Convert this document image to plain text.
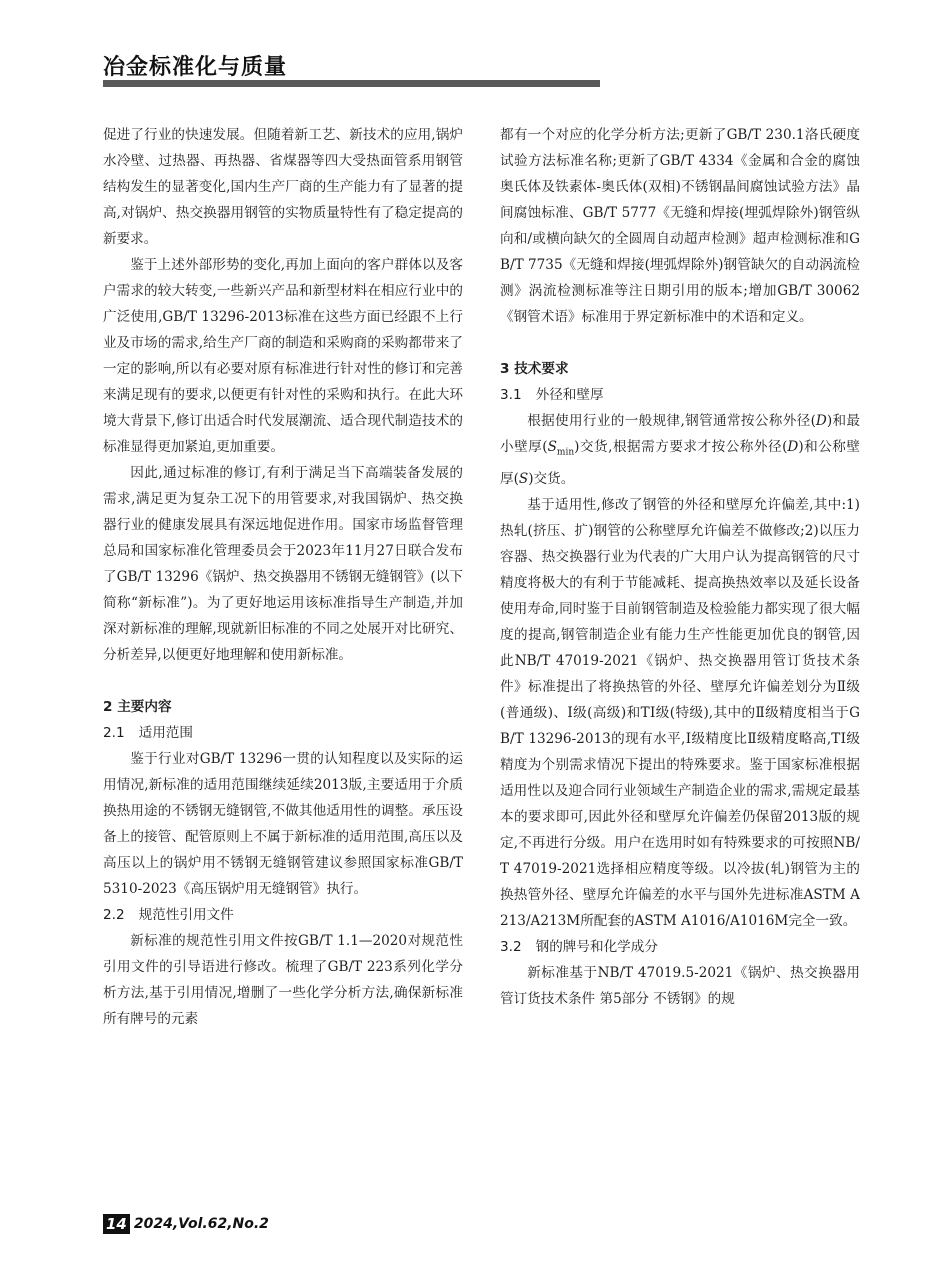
冶金标准化与质量

促进了行业的快速发展。但随着新工艺、新技术的应用,锅炉水冷壁、过热器、再热器、省煤器等四大受热面管系用钢管结构发生的显著变化,国内生产厂商的生产能力有了显著的提高,对锅炉、热交换器用钢管的实物质量特性有了稳定提高的新要求。

鉴于上述外部形势的变化,再加上面向的客户群体以及客户需求的较大转变,一些新兴产品和新型材料在相应行业中的广泛使用,GB/T 13296-2013标准在这些方面已经跟不上行业及市场的需求,给生产厂商的制造和采购商的采购都带来了一定的影响,所以有必要对原有标准进行针对性的修订和完善来满足现有的要求,以便更有针对性的采购和执行。在此大环境大背景下,修订出适合时代发展潮流、适合现代制造技术的标准显得更加紧迫,更加重要。

因此,通过标准的修订,有利于满足当下高端装备发展的需求,满足更为复杂工况下的用管要求,对我国锅炉、热交换器行业的健康发展具有深远地促进作用。国家市场监督管理总局和国家标准化管理委员会于2023年11月27日联合发布了GB/T 13296《锅炉、热交换器用不锈钢无缝钢管》(以下简称“新标准”)。为了更好地运用该标准指导生产制造,并加深对新标准的理解,现就新旧标准的不同之处展开对比研究、分析差异,以便更好地理解和使用新标准。

2 主要内容

2.1 适用范围

鉴于行业对GB/T 13296一贯的认知程度以及实际的运用情况,新标准的适用范围继续延续2013版,主要适用于介质换热用途的不锈钢无缝钢管,不做其他适用性的调整。承压设备上的接管、配管原则上不属于新标准的适用范围,高压以及高压以上的锅炉用不锈钢无缝钢管建议参照国家标准GB/T 5310-2023《高压锅炉用无缝钢管》执行。

2.2 规范性引用文件

新标准的规范性引用文件按GB/T 1.1—2020对规范性引用文件的引导语进行修改。梳理了GB/T 223系列化学分析方法,基于引用情况,增删了一些化学分析方法,确保新标准所有牌号的元素

都有一个对应的化学分析方法;更新了GB/T 230.1洛氏硬度试验方法标准名称;更新了GB/T 4334《金属和合金的腐蚀 奥氏体及铁素体-奥氏体(双相)不锈钢晶间腐蚀试验方法》晶间腐蚀标准、GB/T 5777《无缝和焊接(埋弧焊除外)钢管纵向和/或横向缺欠的全圆周自动超声检测》超声检测标准和GB/T 7735《无缝和焊接(埋弧焊除外)钢管缺欠的自动涡流检测》涡流检测标准等注日期引用的版本;增加GB/T 30062《钢管术语》标准用于界定新标准中的术语和定义。

3 技术要求

3.1 外径和壁厚

根据使用行业的一般规律,钢管通常按公称外径(D)和最小壁厚$(S_{min})$交货,根据需方要求才按公称外径(D)和公称壁厚(S)交货。

基于适用性,修改了钢管的外径和壁厚允许偏差,其中:1)热轧(挤压、扩)钢管的公称壁厚允许偏差不做修改;2)以压力容器、热交换器行业为代表的广大用户认为提高钢管的尺寸精度将极大的有利于节能减耗、提高换热效率以及延长设备使用寿命,同时鉴于目前钢管制造及检验能力都实现了很大幅度的提高,钢管制造企业有能力生产性能更加优良的钢管,因此NB/T 47019-2021《锅炉、热交换器用管订货技术条件》标准提出了将换热管的外径、壁厚允许偏差划分为Ⅱ级(普通级)、Ⅰ级(高级)和TⅠ级(特级),其中的Ⅱ级精度相当于GB/T 13296-2013的现有水平,Ⅰ级精度比Ⅱ级精度略高,TⅠ级精度为个别需求情况下提出的特殊要求。鉴于国家标准根据适用性以及迎合同行业领域生产制造企业的需求,需规定最基本的要求即可,因此外径和壁厚允许偏差仍保留2013版的规定,不再进行分级。用户在选用时如有特殊要求的可按照NB/T 47019-2021选择相应精度等级。以冷拔(轧)钢管为主的换热管外径、壁厚允许偏差的水平与国外先进标准ASTM A213/A213M所配套的ASTM A1016/A1016M完全一致。

3.2 钢的牌号和化学成分

新标准基于NB/T 47019.5-2021《锅炉、热交换器用管订货技术条件 第5部分 不锈钢》的规

14 2024,Vol.62,No.2
